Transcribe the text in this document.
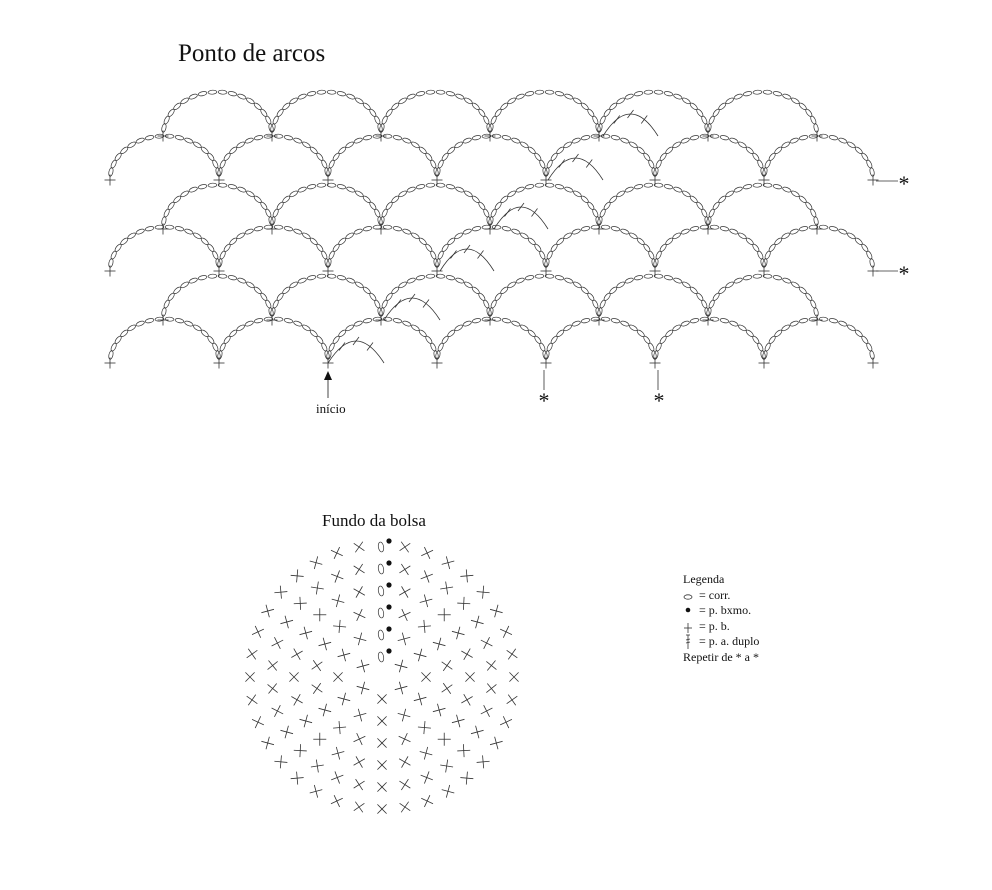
*	*
*
*
Ponto de arcos
início
Fundo da bolsa
Legenda
= corr.
= p. bxmo.
= p. b.
= p. a. duplo
Repetir de * a *
